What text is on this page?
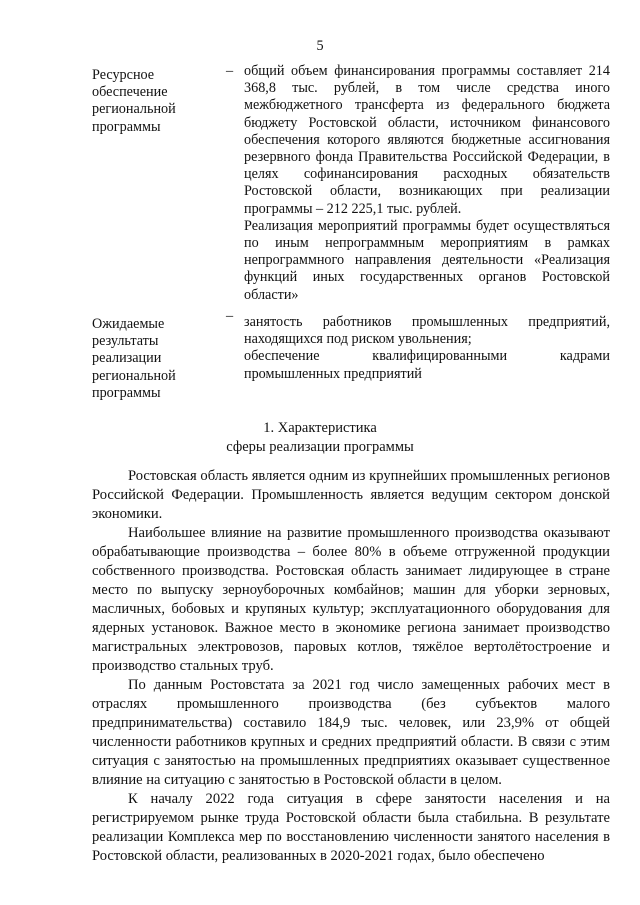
5
Ресурсное
обеспечение
региональной
программы
– общий объем финансирования программы составляет 214 368,8 тыс. рублей, в том числе средства иного межбюджетного трансферта из федерального бюджета бюджету Ростовской области, источником финансового обеспечения которого являются бюджетные ассигнования резервного фонда Правительства Российской Федерации, в целях софинансирования расходных обязательств Ростовской области, возникающих при реализации программы – 212 225,1 тыс. рублей.

Реализация мероприятий программы будет осуществляться по иным непрограммным мероприятиям в рамках непрограммного направления деятельности «Реализация функций иных государственных органов Ростовской области»

Ожидаемые
результаты
реализации
региональной
программы
– занятость работников промышленных предприятий, находящихся под риском увольнения;

обеспечение квалифицированными кадрами промышленных предприятий

1. Характеристика
сферы реализации программы

Ростовская область является одним из крупнейших промышленных регионов Российской Федерации. Промышленность является ведущим сектором донской экономики.

Наибольшее влияние на развитие промышленного производства оказывают обрабатывающие производства – более 80% в объеме отгруженной продукции собственного производства. Ростовская область занимает лидирующее в стране место по выпуску зерноуборочных комбайнов; машин для уборки зерновых, масличных, бобовых и крупяных культур; эксплуатационного оборудования для ядерных установок. Важное место в экономике региона занимает производство магистральных электровозов, паровых котлов, тяжёлое вертолётостроение и производство стальных труб.

По данным Ростовстата за 2021 год число замещенных рабочих мест в отраслях промышленного производства (без субъектов малого предпринимательства) составило 184,9 тыс. человек, или 23,9% от общей численности работников крупных и средних предприятий области. В связи с этим ситуация с занятостью на промышленных предприятиях оказывает существенное влияние на ситуацию с занятостью в Ростовской области в целом.

К началу 2022 года ситуация в сфере занятости населения и на регистрируемом рынке труда Ростовской области была стабильна. В результате реализации Комплекса мер по восстановлению численности занятого населения в Ростовской области, реализованных в 2020-2021 годах, было обеспечено
